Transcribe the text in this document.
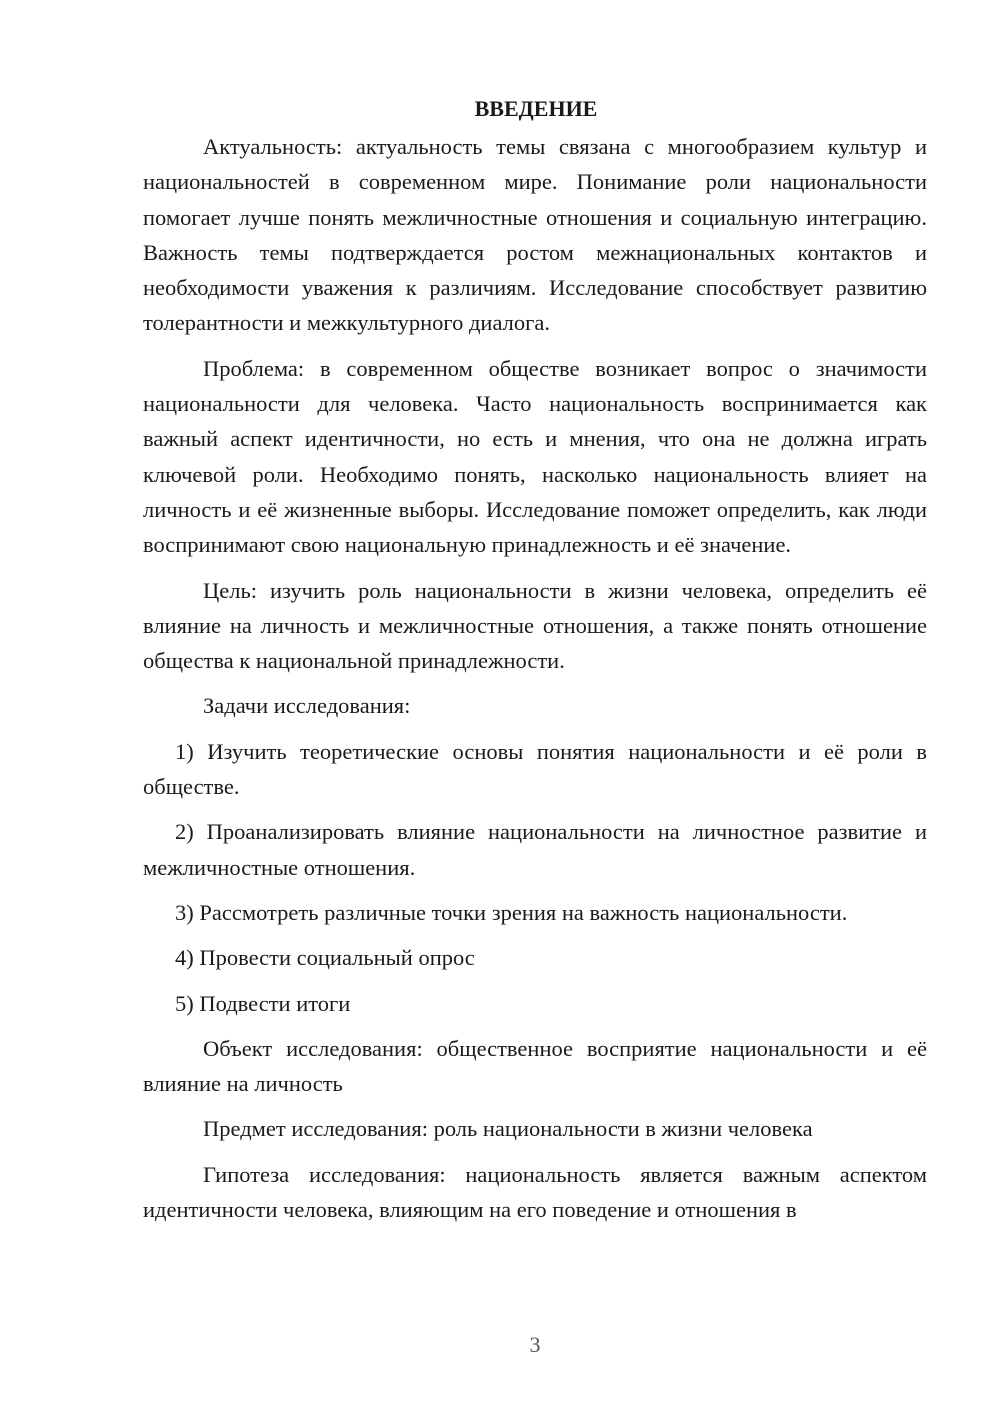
ВВЕДЕНИЕ

Актуальность: актуальность темы связана с многообразием культур и национальностей в современном мире. Понимание роли национальности помогает лучше понять межличностные отношения и социальную интеграцию. Важность темы подтверждается ростом межнациональных контактов и необходимости уважения к различиям. Исследование способствует развитию толерантности и межкультурного диалога.

Проблема: в современном обществе возникает вопрос о значимости национальности для человека. Часто национальность воспринимается как важный аспект идентичности, но есть и мнения, что она не должна играть ключевой роли. Необходимо понять, насколько национальность влияет на личность и её жизненные выборы. Исследование поможет определить, как люди воспринимают свою национальную принадлежность и её значение.

Цель: изучить роль национальности в жизни человека, определить её влияние на личность и межличностные отношения, а также понять отношение общества к национальной принадлежности.

Задачи исследования:

1) Изучить теоретические основы понятия национальности и её роли в обществе.

2) Проанализировать влияние национальности на личностное развитие и межличностные отношения.

3) Рассмотреть различные точки зрения на важность национальности.

4) Провести социальный опрос

5) Подвести итоги

Объект исследования: общественное восприятие национальности и её влияние на личность

Предмет исследования: роль национальности в жизни человека

Гипотеза исследования: национальность является важным аспектом идентичности человека, влияющим на его поведение и отношения в

3
